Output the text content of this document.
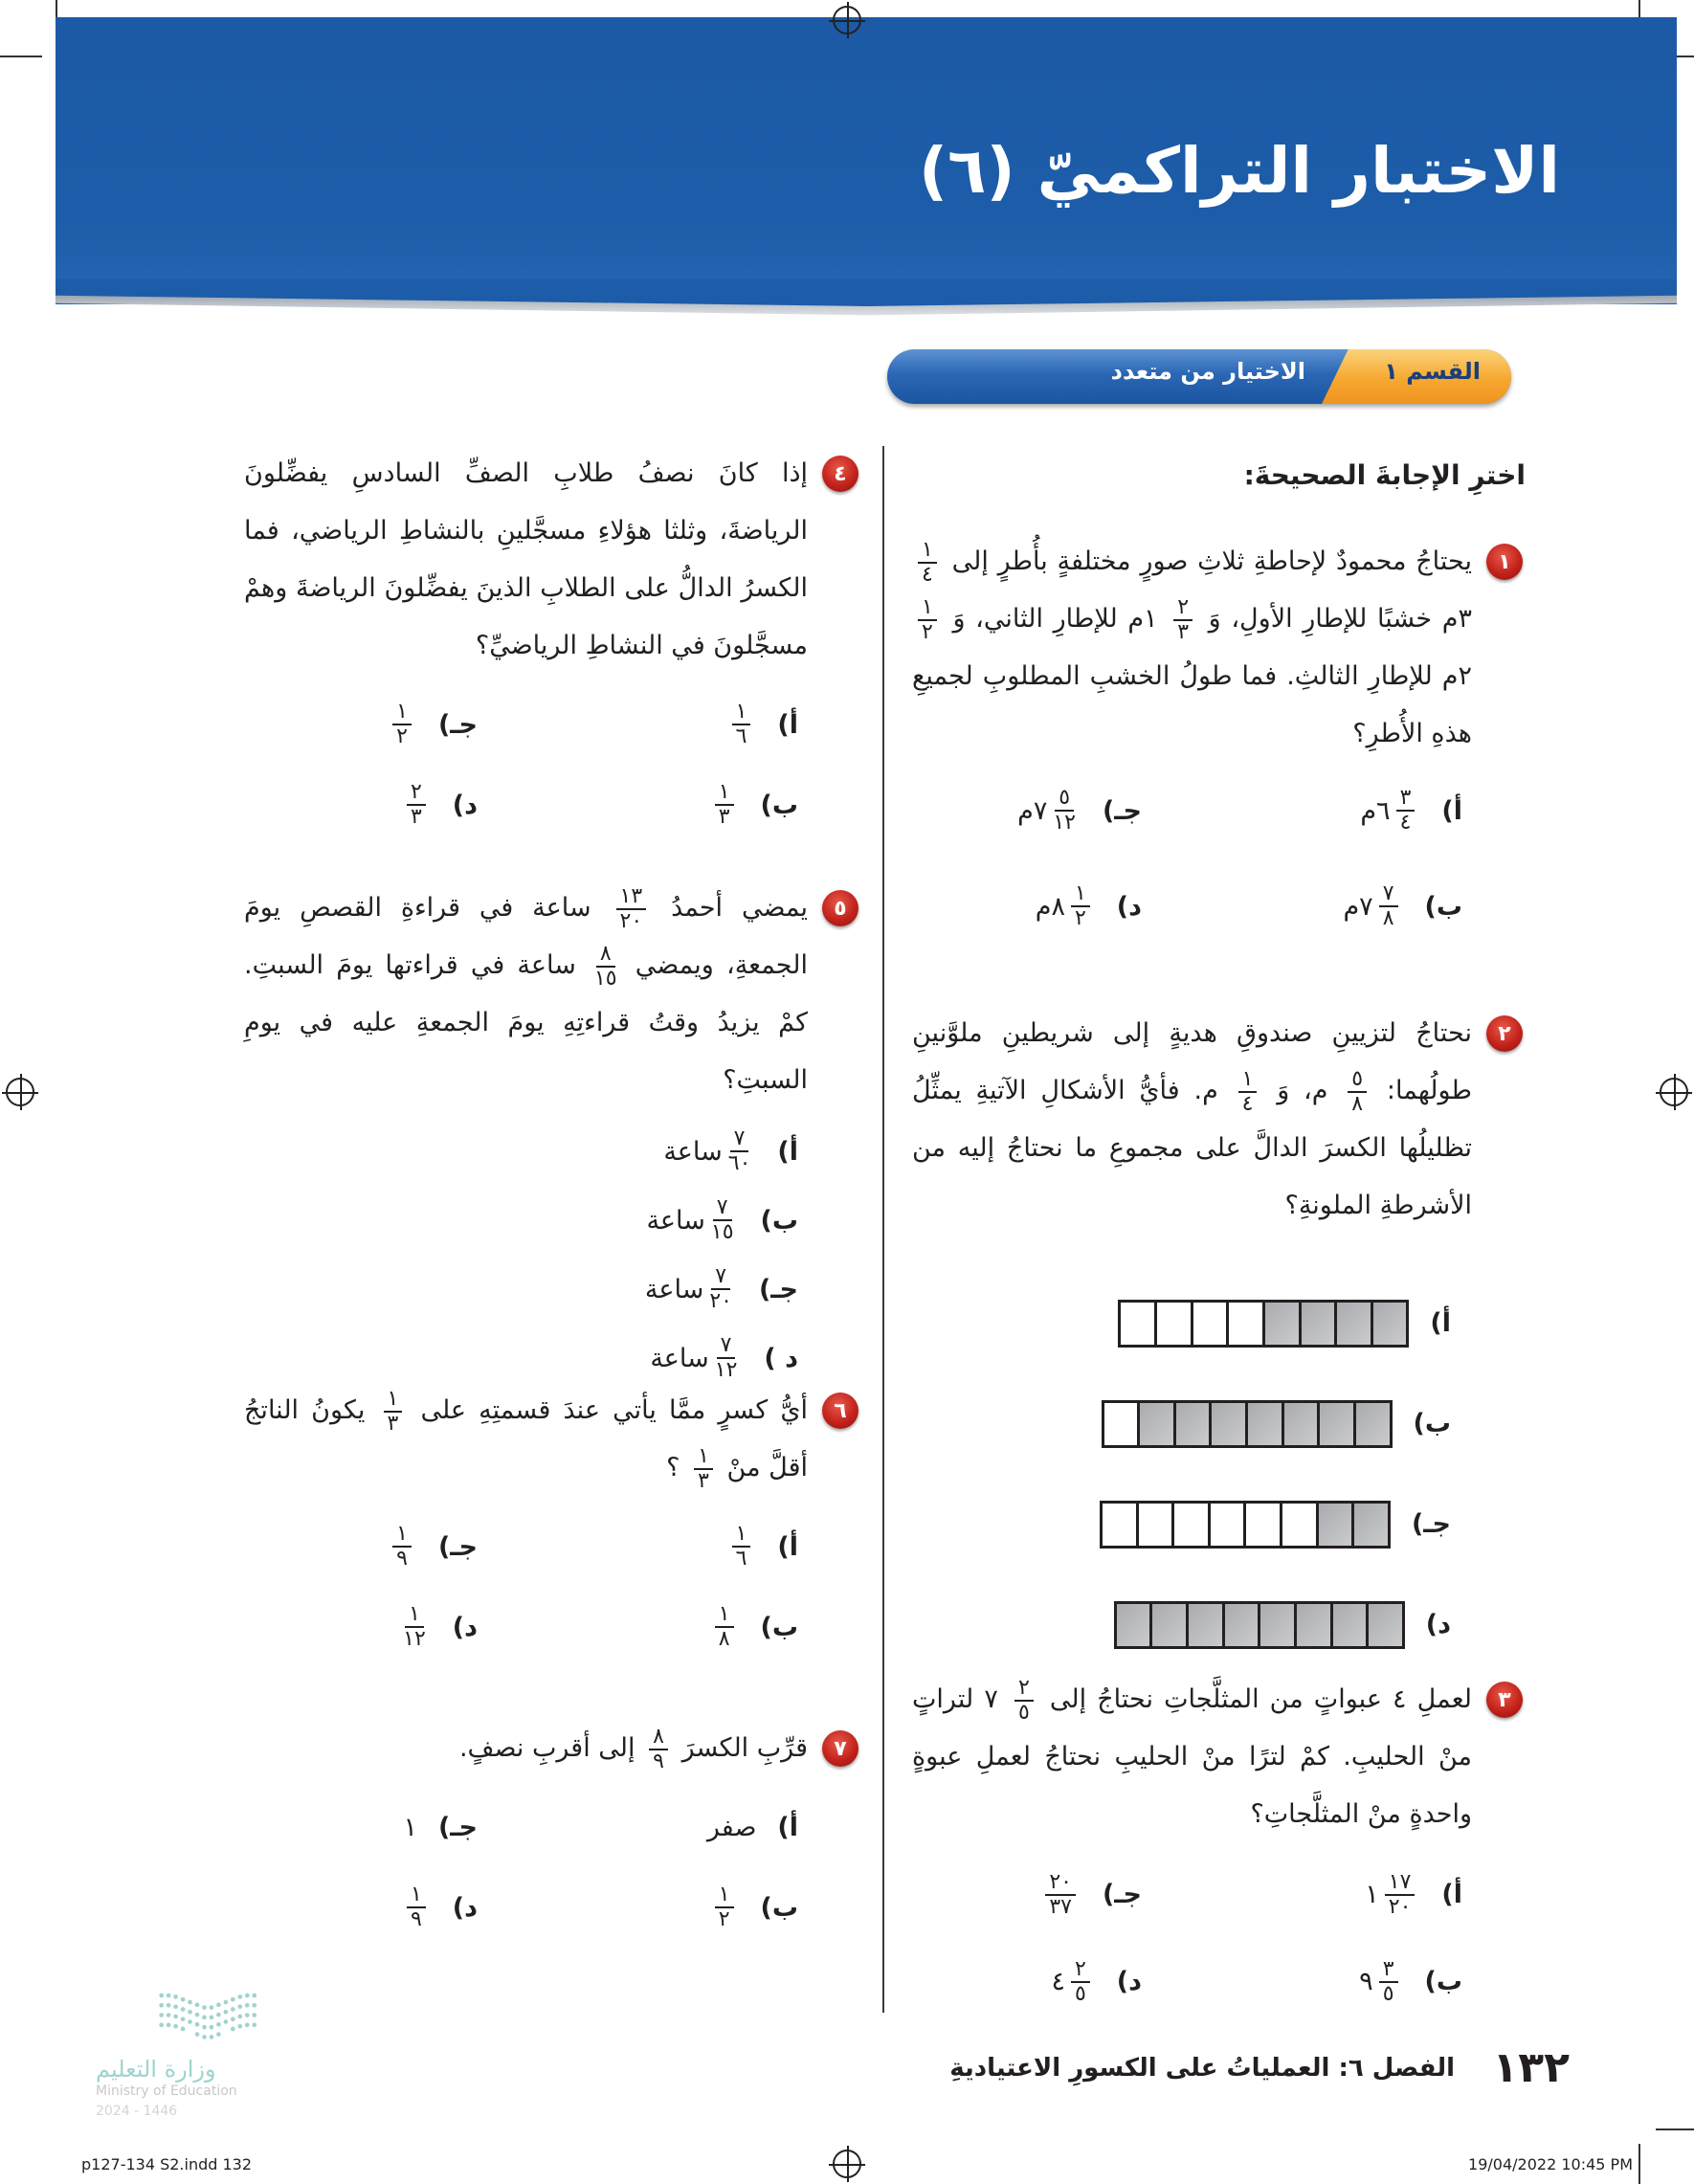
الاختبار التراكميّ (٦)
القسم ١
الاختيار من متعدد
اخترِ الإجابةَ الصحيحةَ:
١
يحتاجُ محمودٌ لإحاطةِ ثلاثِ صورٍ مختلفةٍ بأُطرٍ إلى
$\frac{١}{٤}$
٣م خشبًا للإطارِ الأولِ، وَ
$\frac{٢}{٣}$
١م للإطارِ الثاني، وَ
$\frac{١}{٢}$
٢م للإطارِ الثالثِ. فما طولُ الخشبِ المطلوبِ لجميعِ هذهِ الأُطرِ؟
أ)
$\frac{٣}{٤}$
٦م
ب)
$\frac{٧}{٨}$
٧م
جـ)
$\frac{٥}{١٢}$
٧م
د)
$\frac{١}{٢}$
٨م
٢
نحتاجُ لتزيينِ صندوقِ هديةٍ إلى شريطينِ ملوَّنينِ طولُهما:
$\frac{٥}{٨}$
م، وَ
$\frac{١}{٤}$
م. فأيُّ الأشكالِ الآتيةِ يمثِّلُ تظليلُها الكسرَ الدالَّ على مجموعِ ما نحتاجُ إليه من الأشرطةِ الملونةِ؟
أ)
ب)
جـ)
د)
٣
لعملِ ٤ عبواتٍ من المثلَّجاتِ نحتاجُ إلى
$\frac{٢}{٥}$
٧ لتراتٍ منْ الحليبِ. كمْ لترًا منْ الحليبِ نحتاجُ لعملِ عبوةٍ واحدةٍ منْ المثلَّجاتِ؟
أ)
$\frac{١٧}{٢٠}$
١
ب)
$\frac{٣}{٥}$
٩
جـ)
$\frac{٢٠}{٣٧}$
د)
$\frac{٢}{٥}$
٤
٤
إذا كانَ نصفُ طلابِ الصفِّ السادسِ يفضِّلونَ الرياضةَ، وثلثا هؤلاءِ مسجَّلينِ بالنشاطِ الرياضي، فما الكسرُ الدالُّ على الطلابِ الذينَ يفضِّلونَ الرياضةَ وهمْ مسجَّلونَ في النشاطِ الرياضيِّ؟
أ)
$\frac{١}{٦}$
ب)
$\frac{١}{٣}$
جـ)
$\frac{١}{٢}$
د)
$\frac{٢}{٣}$
٥
يمضي أحمدُ
$\frac{١٣}{٢٠}$
ساعة في قراءةِ القصصِ يومَ الجمعةِ، ويمضي
$\frac{٨}{١٥}$
ساعة في قراءتها يومَ السبتِ. كمْ يزيدُ وقتُ قراءتِهِ يومَ الجمعةِ عليه في يومِ السبتِ؟
أ)
$\frac{٧}{٦٠}$
ساعة
ب)
$\frac{٧}{١٥}$
ساعة
جـ)
$\frac{٧}{٢٠}$
ساعة
د )
$\frac{٧}{١٢}$
ساعة
٦
أيُّ كسرٍ ممَّا يأتي عندَ قسمتِهِ على
$\frac{١}{٣}$
يكونُ الناتجُ أقلَّ منْ
$\frac{١}{٣}$
؟
أ)
$\frac{١}{٦}$
ب)
$\frac{١}{٨}$
جـ)
$\frac{١}{٩}$
د)
$\frac{١}{١٢}$
٧
قرِّبِ الكسرَ
$\frac{٨}{٩}$
إلى أقربِ نصفٍ.
أ)
صفر
ب)
$\frac{١}{٢}$
جـ)
١
د)
$\frac{١}{٩}$
١٣٢
الفصل ٦: العملياتُ على الكسورِ الاعتياديةِ
وزارة التعليم
Ministry of Education
2024 - 1446
p127-134 S2.indd 132	19/04/2022 10:45 PM
